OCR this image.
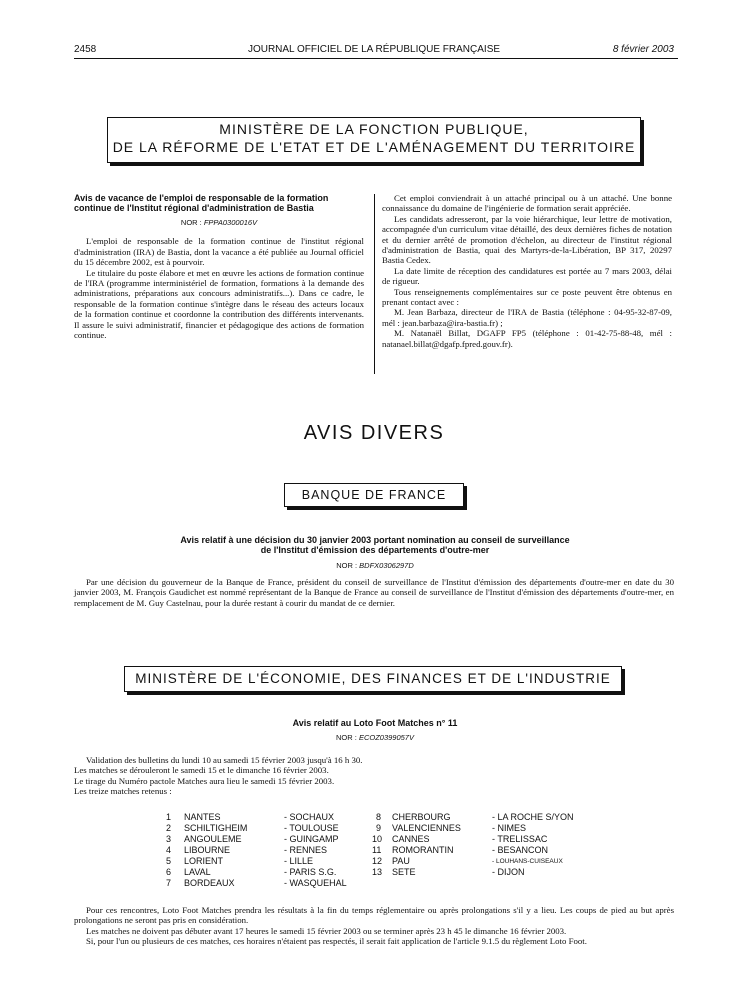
2458	JOURNAL OFFICIEL DE LA RÉPUBLIQUE FRANÇAISE	8 février 2003
MINISTÈRE DE LA FONCTION PUBLIQUE,
DE LA RÉFORME DE L'ETAT ET DE L'AMÉNAGEMENT DU TERRITOIRE
Avis de vacance de l'emploi de responsable de la formation continue de l'Institut régional d'administration de Bastia
NOR : FPPA0300016V

L'emploi de responsable de la formation continue de l'institut régional d'administration (IRA) de Bastia, dont la vacance a été publiée au Journal officiel du 15 décembre 2002, est à pourvoir.

Le titulaire du poste élabore et met en œuvre les actions de formation continue de l'IRA (programme interministériel de formation, formations à la demande des administrations, préparations aux concours administratifs...). Dans ce cadre, le responsable de la formation continue s'intègre dans le réseau des acteurs locaux de la formation continue et coordonne la contribution des différents intervenants. Il assure le suivi administratif, financier et pédagogique des actions de formation continue.

Cet emploi conviendrait à un attaché principal ou à un attaché. Une bonne connaissance du domaine de l'ingénierie de formation serait appréciée.

Les candidats adresseront, par la voie hiérarchique, leur lettre de motivation, accompagnée d'un curriculum vitae détaillé, des deux dernières fiches de notation et du dernier arrêté de promotion d'échelon, au directeur de l'institut régional d'administration de Bastia, quai des Martyrs-de-la-Libération, BP 317, 20297 Bastia Cedex.

La date limite de réception des candidatures est portée au 7 mars 2003, délai de rigueur.

Tous renseignements complémentaires sur ce poste peuvent être obtenus en prenant contact avec :

M. Jean Barbaza, directeur de l'IRA de Bastia (téléphone : 04-95-32-87-09, mél : jean.barbaza@ira-bastia.fr) ;

M. Natanaël Billat, DGAFP FP5 (téléphone : 01-42-75-88-48, mél : natanael.billat@dgafp.fpred.gouv.fr).

AVIS DIVERS
BANQUE DE FRANCE
Avis relatif à une décision du 30 janvier 2003 portant nomination au conseil de surveillance
de l'Institut d'émission des départements d'outre-mer
NOR : BDFX0306297D

Par une décision du gouverneur de la Banque de France, président du conseil de surveillance de l'Institut d'émission des départements d'outre-mer en date du 30 janvier 2003, M. François Gaudichet est nommé représentant de la Banque de France au conseil de surveillance de l'Institut d'émission des départements d'outre-mer, en remplacement de M. Guy Castelnau, pour la durée restant à courir du mandat de ce dernier.

MINISTÈRE DE L'ÉCONOMIE, DES FINANCES ET DE L'INDUSTRIE
Avis relatif au Loto Foot Matches n° 11
NOR : ECOZ0399057V
Validation des bulletins du lundi 10 au samedi 15 février 2003 jusqu'à 16 h 30.
Les matches se dérouleront le samedi 15 et le dimanche 16 février 2003.
Le tirage du Numéro pactole Matches aura lieu le samedi 15 février 2003.
Les treize matches retenus :
1 NANTES	- SOCHAUX
2 SCHILTIGHEIM	- TOULOUSE
3 ANGOULEME	- GUINGAMP
4 LIBOURNE	- RENNES
5 LORIENT	- LILLE
6 LAVAL	- PARIS S.G.
7 BORDEAUX	- WASQUEHAL
8 CHERBOURG	- LA ROCHE S/YON
9 VALENCIENNES	- NIMES
10 CANNES	- TRELISSAC
11 ROMORANTIN	- BESANCON
12 PAU	- LOUHANS-CUISEAUX
13 SETE	- DIJON

Pour ces rencontres, Loto Foot Matches prendra les résultats à la fin du temps réglementaire ou après prolongations s'il y a lieu. Les coups de pied au but après prolongations ne seront pas pris en considération.

Les matches ne doivent pas débuter avant 17 heures le samedi 15 février 2003 ou se terminer après 23 h 45 le dimanche 16 février 2003.

Si, pour l'un ou plusieurs de ces matches, ces horaires n'étaient pas respectés, il serait fait application de l'article 9.1.5 du règlement Loto Foot.
